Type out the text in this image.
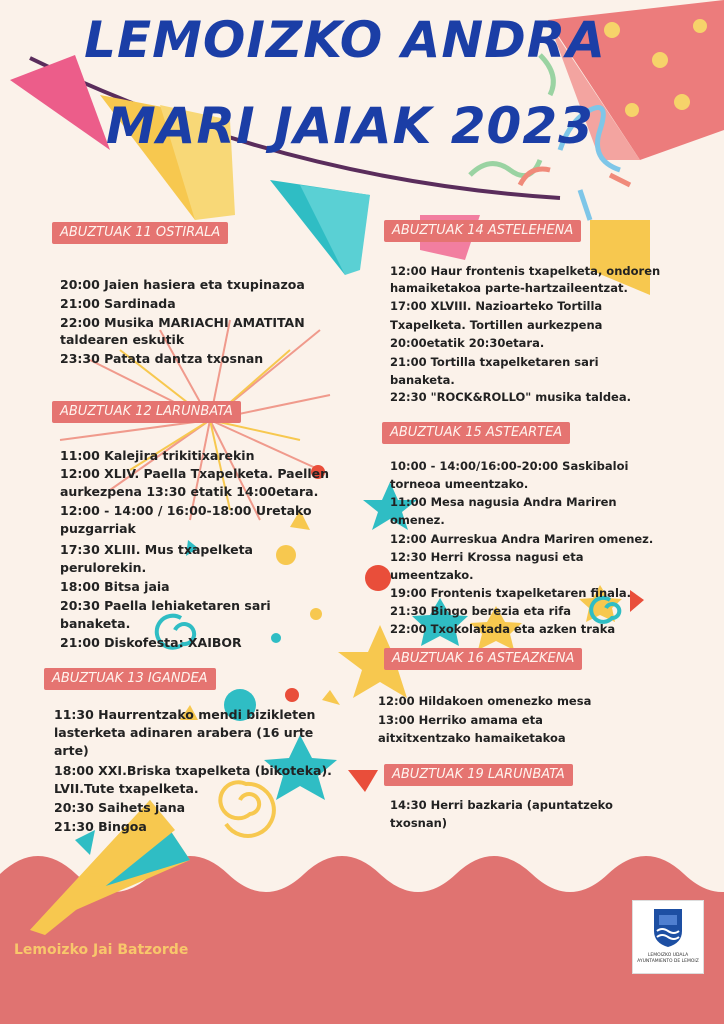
LEMOIZKO ANDRA
MARI JAIAK 2023
ABUZTUAK 11 OSTIRALA
20:00 Jaien hasiera eta txupinazoa
21:00 Sardinada
22:00 Musika MARIACHI AMATITAN
taldearen eskutik
23:30 Patata dantza txosnan
ABUZTUAK 12 LARUNBATA
11:00 Kalejira trikitixarekin
12:00 XLIV. Paella Txapelketa. Paellen
aurkezpena 13:30 etatik 14:00etara.
12:00 - 14:00 / 16:00-18:00 Uretako
puzgarriak
17:30 XLIII. Mus txapelketa
perulorekin.
18:00 Bitsa jaia
20:30 Paella lehiaketaren sari
banaketa.
21:00 Diskofesta: XAIBOR
ABUZTUAK 13 IGANDEA
11:30 Haurrentzako mendi bizikleten
lasterketa adinaren arabera (16 urte
arte)
18:00 XXI.Briska txapelketa (bikoteka).
LVII.Tute txapelketa.
20:30 Saihets jana
21:30 Bingoa
ABUZTUAK 14 ASTELEHENA
12:00 Haur frontenis txapelketa, ondoren
hamaiketakoa parte-hartzaileentzat.
17:00 XLVIII. Nazioarteko Tortilla
Txapelketa. Tortillen aurkezpena
20:00etatik 20:30etara.
21:00 Tortilla txapelketaren sari
banaketa.
22:30 "ROCK&ROLLO" musika taldea.
ABUZTUAK 15 ASTEARTEA
10:00 - 14:00/16:00-20:00 Saskibaloi
torneoa umeentzako.
11:00 Mesa nagusia Andra Mariren
omenez.
12:00 Aurreskua Andra Mariren omenez.
12:30 Herri Krossa nagusi eta
umeentzako.
19:00 Frontenis txapelketaren finala.
21:30 Bingo berezia eta rifa
22:00 Txokolatada eta azken traka
ABUZTUAK 16 ASTEAZKENA
12:00 Hildakoen omenezko mesa
13:00 Herriko amama eta
aitxitxentzako hamaiketakoa
ABUZTUAK 19 LARUNBATA
14:30 Herri bazkaria (apuntatzeko
txosnan)
Lemoizko Jai Batzorde	LEMOIZKO UDALA
AYUNTAMIENTO DE LEMOIZ
